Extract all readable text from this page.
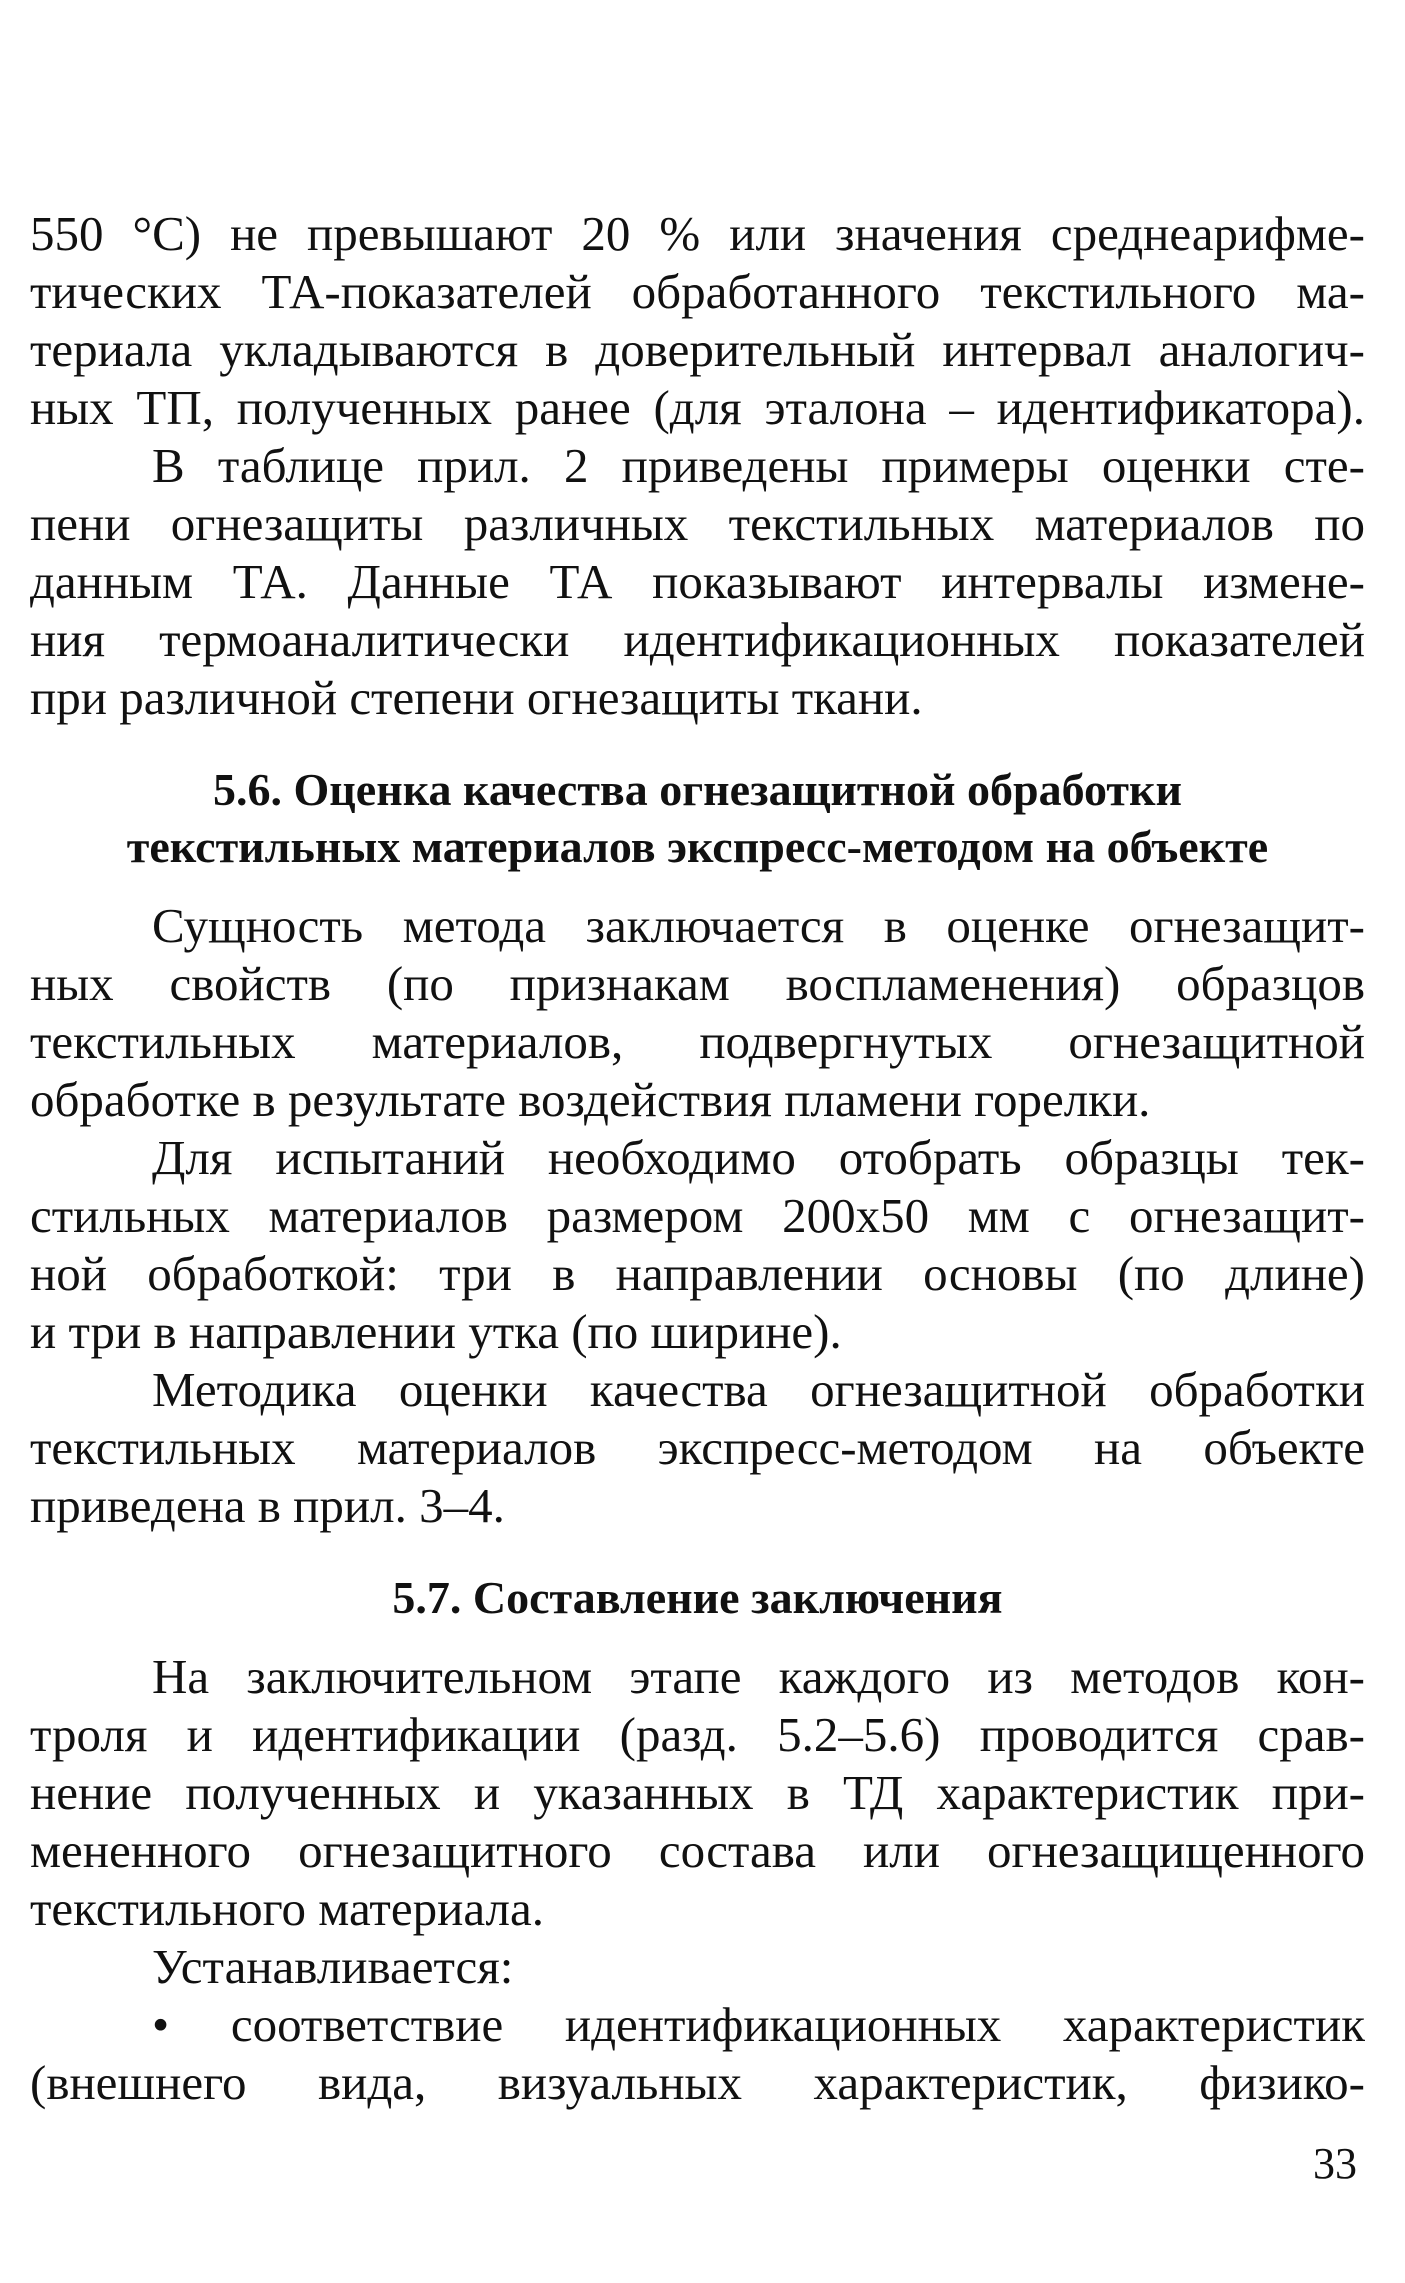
550 °С) не превышают 20 % или значения среднеарифме-
тических ТА-показателей обработанного текстильного ма-
териала укладываются в доверительный интервал аналогич-
ных ТП, полученных ранее (для эталона – идентификатора).
В таблице прил. 2 приведены примеры оценки сте-
пени огнезащиты различных текстильных материалов по
данным ТА. Данные ТА показывают интервалы измене-
ния термоаналитически идентификационных показателей
при различной степени огнезащиты ткани.
5.6. Оценка качества огнезащитной обработки
текстильных материалов экспресс-методом на объекте
Сущность метода заключается в оценке огнезащит-
ных свойств (по признакам воспламенения) образцов
текстильных материалов, подвергнутых огнезащитной
обработке в результате воздействия пламени горелки.
Для испытаний необходимо отобрать образцы тек-
стильных материалов размером 200х50 мм с огнезащит-
ной обработкой: три в направлении основы (по длине)
и три в направлении утка (по ширине).
Методика оценки качества огнезащитной обработки
текстильных материалов экспресс-методом на объекте
приведена в прил. 3–4.
5.7. Составление заключения
На заключительном этапе каждого из методов кон-
троля и идентификации (разд. 5.2–5.6) проводится срав-
нение полученных и указанных в ТД характеристик при-
мененного огнезащитного состава или огнезащищенного
текстильного материала.
Устанавливается:
• соответствие идентификационных характеристик
(внешнего вида, визуальных характеристик, физико-
33
